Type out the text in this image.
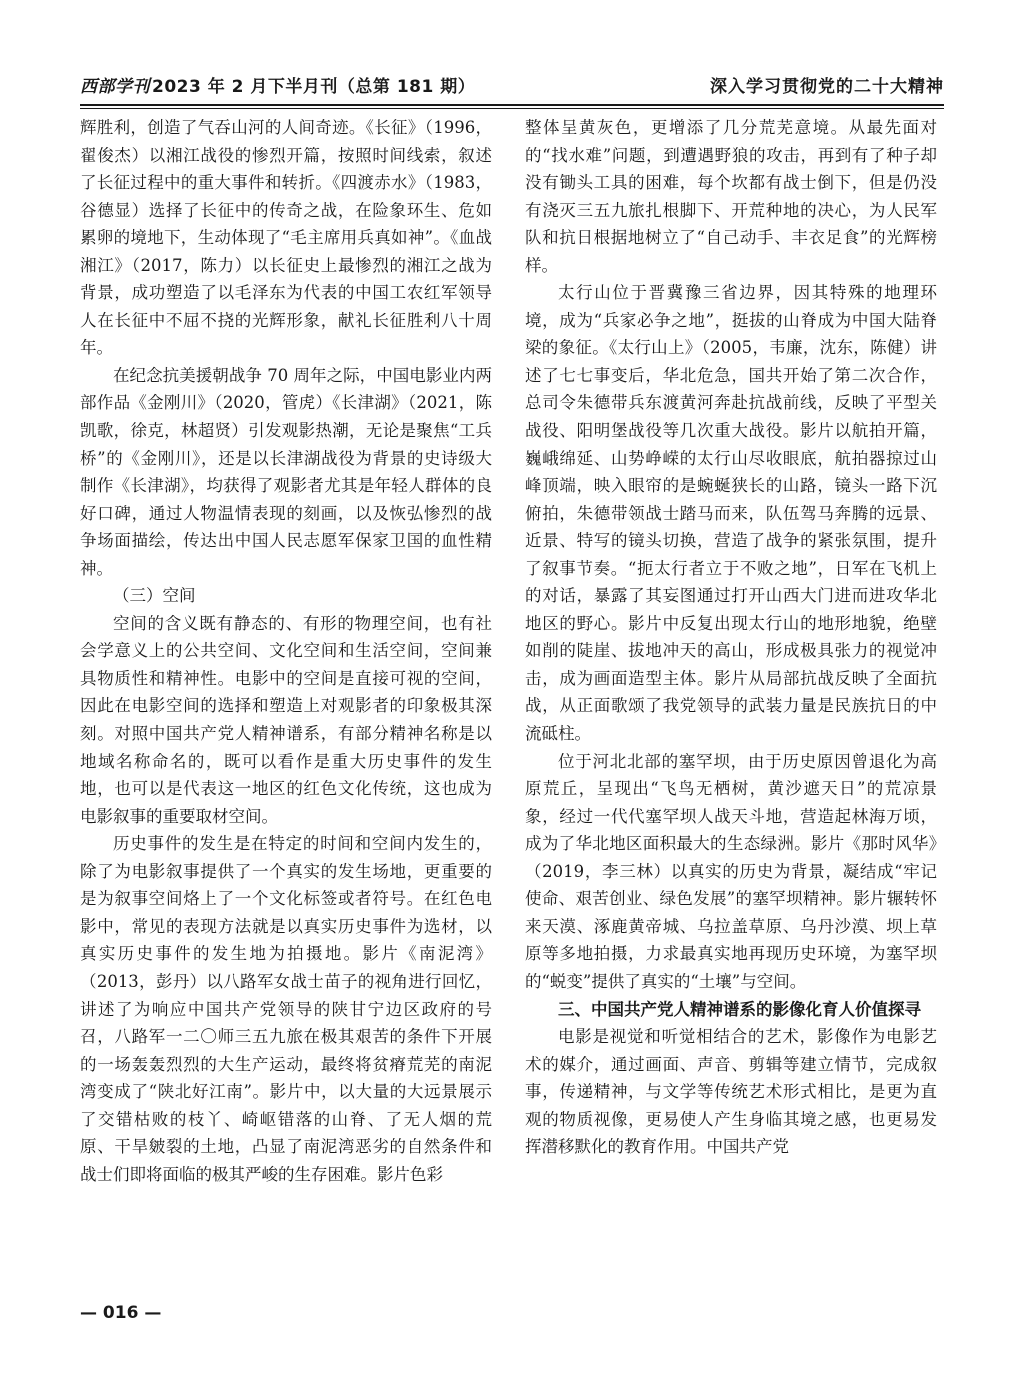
西部学刊 2023 年 2 月下半月刊（总第 181 期）	深入学习贯彻党的二十大精神

辉胜利，创造了气吞山河的人间奇迹。《长征》（1996，翟俊杰）以湘江战役的惨烈开篇，按照时间线索，叙述了长征过程中的重大事件和转折。《四渡赤水》（1983，谷德显）选择了长征中的传奇之战，在险象环生、危如累卵的境地下，生动体现了“毛主席用兵真如神”。《血战湘江》（2017，陈力）以长征史上最惨烈的湘江之战为背景，成功塑造了以毛泽东为代表的中国工农红军领导人在长征中不屈不挠的光辉形象，献礼长征胜利八十周年。

在纪念抗美援朝战争 70 周年之际，中国电影业内两部作品《金刚川》（2020，管虎）《长津湖》（2021，陈凯歌，徐克，林超贤）引发观影热潮，无论是聚焦“工兵桥”的《金刚川》，还是以长津湖战役为背景的史诗级大制作《长津湖》，均获得了观影者尤其是年轻人群体的良好口碑，通过人物温情表现的刻画，以及恢弘惨烈的战争场面描绘，传达出中国人民志愿军保家卫国的血性精神。

（三）空间

空间的含义既有静态的、有形的物理空间，也有社会学意义上的公共空间、文化空间和生活空间，空间兼具物质性和精神性。电影中的空间是直接可视的空间，因此在电影空间的选择和塑造上对观影者的印象极其深刻。对照中国共产党人精神谱系，有部分精神名称是以地域名称命名的，既可以看作是重大历史事件的发生地，也可以是代表这一地区的红色文化传统，这也成为电影叙事的重要取材空间。

历史事件的发生是在特定的时间和空间内发生的，除了为电影叙事提供了一个真实的发生场地，更重要的是为叙事空间烙上了一个文化标签或者符号。在红色电影中，常见的表现方法就是以真实历史事件为选材，以真实历史事件的发生地为拍摄地。影片《南泥湾》（2013，彭丹）以八路军女战士苗子的视角进行回忆，讲述了为响应中国共产党领导的陕甘宁边区政府的号召，八路军一二〇师三五九旅在极其艰苦的条件下开展的一场轰轰烈烈的大生产运动，最终将贫瘠荒芜的南泥湾变成了“陕北好江南”。影片中，以大量的大远景展示了交错枯败的枝丫、崎岖错落的山脊、了无人烟的荒原、干旱皴裂的土地，凸显了南泥湾恶劣的自然条件和战士们即将面临的极其严峻的生存困难。影片色彩

整体呈黄灰色，更增添了几分荒芜意境。从最先面对的“找水难”问题，到遭遇野狼的攻击，再到有了种子却没有锄头工具的困难，每个坎都有战士倒下，但是仍没有浇灭三五九旅扎根脚下、开荒种地的决心，为人民军队和抗日根据地树立了“自己动手、丰衣足食”的光辉榜样。

太行山位于晋冀豫三省边界，因其特殊的地理环境，成为“兵家必争之地”，挺拔的山脊成为中国大陆脊梁的象征。《太行山上》（2005，韦廉，沈东，陈健）讲述了七七事变后，华北危急，国共开始了第二次合作，总司令朱德带兵东渡黄河奔赴抗战前线，反映了平型关战役、阳明堡战役等几次重大战役。影片以航拍开篇，巍峨绵延、山势峥嵘的太行山尽收眼底，航拍器掠过山峰顶端，映入眼帘的是蜿蜒狭长的山路，镜头一路下沉俯拍，朱德带领战士踏马而来，队伍驾马奔腾的远景、近景、特写的镜头切换，营造了战争的紧张氛围，提升了叙事节奏。“扼太行者立于不败之地”，日军在飞机上的对话，暴露了其妄图通过打开山西大门进而进攻华北地区的野心。影片中反复出现太行山的地形地貌，绝壁如削的陡崖、拔地冲天的高山，形成极具张力的视觉冲击，成为画面造型主体。影片从局部抗战反映了全面抗战，从正面歌颂了我党领导的武装力量是民族抗日的中流砥柱。

位于河北北部的塞罕坝，由于历史原因曾退化为高原荒丘，呈现出“飞鸟无栖树，黄沙遮天日”的荒凉景象，经过一代代塞罕坝人战天斗地，营造起林海万顷，成为了华北地区面积最大的生态绿洲。影片《那时风华》（2019，李三林）以真实的历史为背景，凝结成“牢记使命、艰苦创业、绿色发展”的塞罕坝精神。影片辗转怀来天漠、涿鹿黄帝城、乌拉盖草原、乌丹沙漠、坝上草原等多地拍摄，力求最真实地再现历史环境，为塞罕坝的“蜕变”提供了真实的“土壤”与空间。

三、中国共产党人精神谱系的影像化育人价值探寻

电影是视觉和听觉相结合的艺术，影像作为电影艺术的媒介，通过画面、声音、剪辑等建立情节，完成叙事，传递精神，与文学等传统艺术形式相比，是更为直观的物质视像，更易使人产生身临其境之感，也更易发挥潜移默化的教育作用。中国共产党

— 016 —
